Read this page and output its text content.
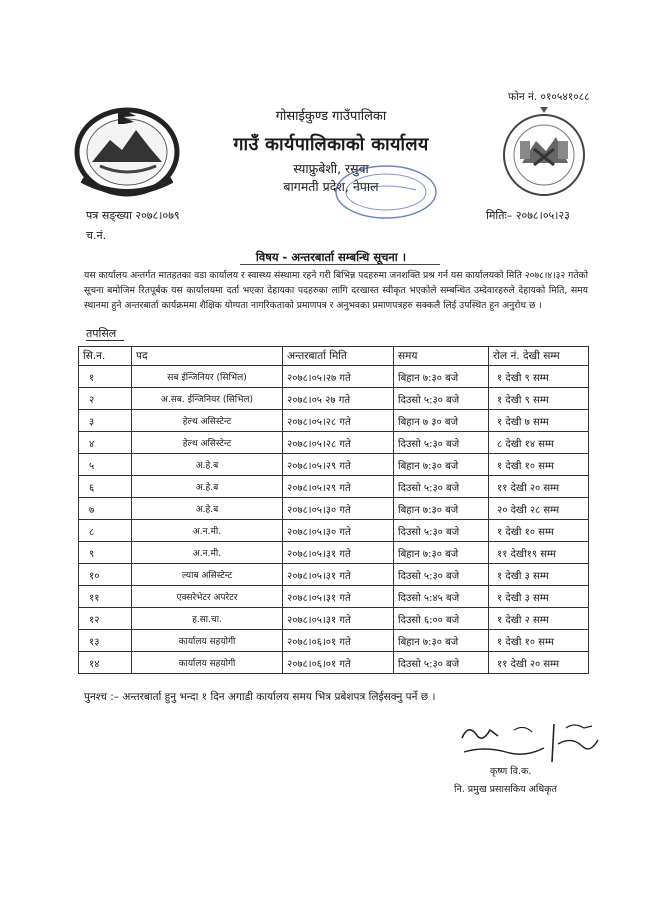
फोन नं. ०१०५४१०८८
गोसाईकुण्ड गाउँपालिका
गाउँ कार्यपालिकाको कार्यालय
स्याफ्रुबेशी, रसुवा
बागमती प्रदेश, नेपाल
पत्र सङ्ख्या २०७८।०७९
च.नं.
मितिः– २०७८।०५।२३
विषय - अन्तरबार्ता सम्बन्धि सूचना ।
यस कार्यालय अन्तर्गत मातहतका वडा कार्यालय र स्वास्थ्य संस्थामा रहने गरी बिभिन्न पदहरुमा जनशक्ति प्रश्र गर्न यस कार्यालयको मिति २०७८।४।३२ गतेको सूचना बमोजिम रितपूर्बक यस कार्यालयमा दर्ता भएका देहायका पदहरुका लागि दरखास्त स्वीकृत भएकोले सम्बन्धित उम्देवारहरुले देहायको मिति, समय स्थानमा हुने अन्तरबार्ता कार्यक्रममा शैक्षिक योग्यता नागरिकताको प्रमाणपत्र र अनुभवका प्रमाणपत्रहरु सक्कलै लिई उपस्थित हुन अनुरोध छ ।
तपसिल
सि.न.	पद	अन्तरबार्ता मिति	समय	रोल नं. देखी सम्म
१	सब ईन्जिनियर (सिभिल)	२०७८।०५।२७ गते	बिहान ७:३० बजे	१ देखी ९ सम्म
२	अ.सब. ईन्जिनियर (सिभिल)	२०७८।०५ २७ गते	दिउसो ५:३० बजे	१ देखी ९ सम्म
३	हेल्थ असिस्टेन्ट	२०७८।०५।२८ गते	बिहान ७ ३० बजे	१ देखी ७ सम्म
४	हेल्थ असिस्टेन्ट	२०७८।०५।२८ गते	दिउसो ५:३० बजे	८ देखी १४ सम्म
५	अ.हे.ब	२०७८।०५।२९ गते	बिहान ७:३० बजे	१ देखी १० सम्म
६	अ.हे.ब	२०७८।०५।२९ गते	दिउसो ५:३० बजे	११ देखी २० सम्म
७	अ.हे.ब	२०७८।०५।३० गते	बिहान ७:३० बजे	२० देखी २८ सम्म
८	अ.न.मी.	२०७८।०५।३० गते	दिउसो ५:३० बजे	१ देखी १० सम्म
९	अ.न.मी.	२०७८।०५।३१ गते	बिहान ७:३० बजे	११ देखी१९ सम्म
१०	ल्याब असिस्टेन्ट	२०७८।०५।३१ गते	दिउसो ५:३० बजे	१ देखी ३ सम्म
११	एक्सरेभेटर अपरेटर	२०७८।०५।३१ गते	दिउसो ५:४५ बजे	१ देखी ३ सम्म
१२	ह.सा.चा.	२०७८।०५।३१ गते	दिउसो ६:०० बजे	१ देखी २ सम्म
१३	कार्यालय सहयोगी	२०७८।०६।०१ गते	बिहान ७:३० बजे	१ देखी १० सम्म
१४	कार्यालय सहयोगी	२०७८।०६।०१ गते	दिउसो ५:३० बजे	११ देखी २० सम्म
पुनश्च :– अन्तरबार्ता हुनु भन्दा १ दिन अगाडी कार्यालय समय भित्र प्रबेशपत्र लिईसक्नु पर्ने छ ।
कृष्ण वि.क.
नि. प्रमुख प्रसासकिय अधिकृत
